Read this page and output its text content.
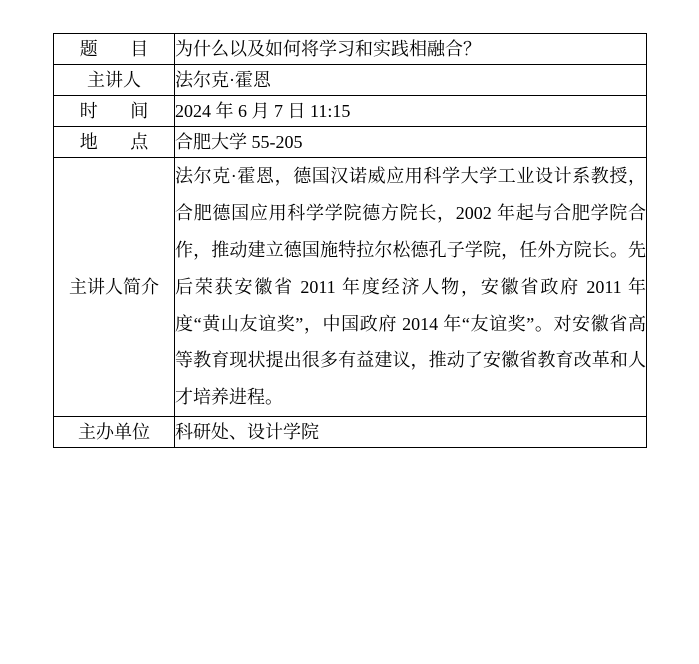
题 目	为什么以及如何将学习和实践相融合？
主讲人	法尔克·霍恩
时 间	2024 年 6 月 7 日 11:15
地 点	合肥大学 55-205
主讲人简介	法尔克·霍恩，德国汉诺威应用科学大学工业设计系教授，合肥德国应用科学学院德方院长，2002 年起与合肥学院合作，推动建立德国施特拉尔松德孔子学院，任外方院长。先后荣获安徽省 2011 年度经济人物，安徽省政府 2011 年度“黄山友谊奖”，中国政府 2014 年“友谊奖”。对安徽省高等教育现状提出很多有益建议，推动了安徽省教育改革和人才培养进程。

主办单位	科研处、设计学院
